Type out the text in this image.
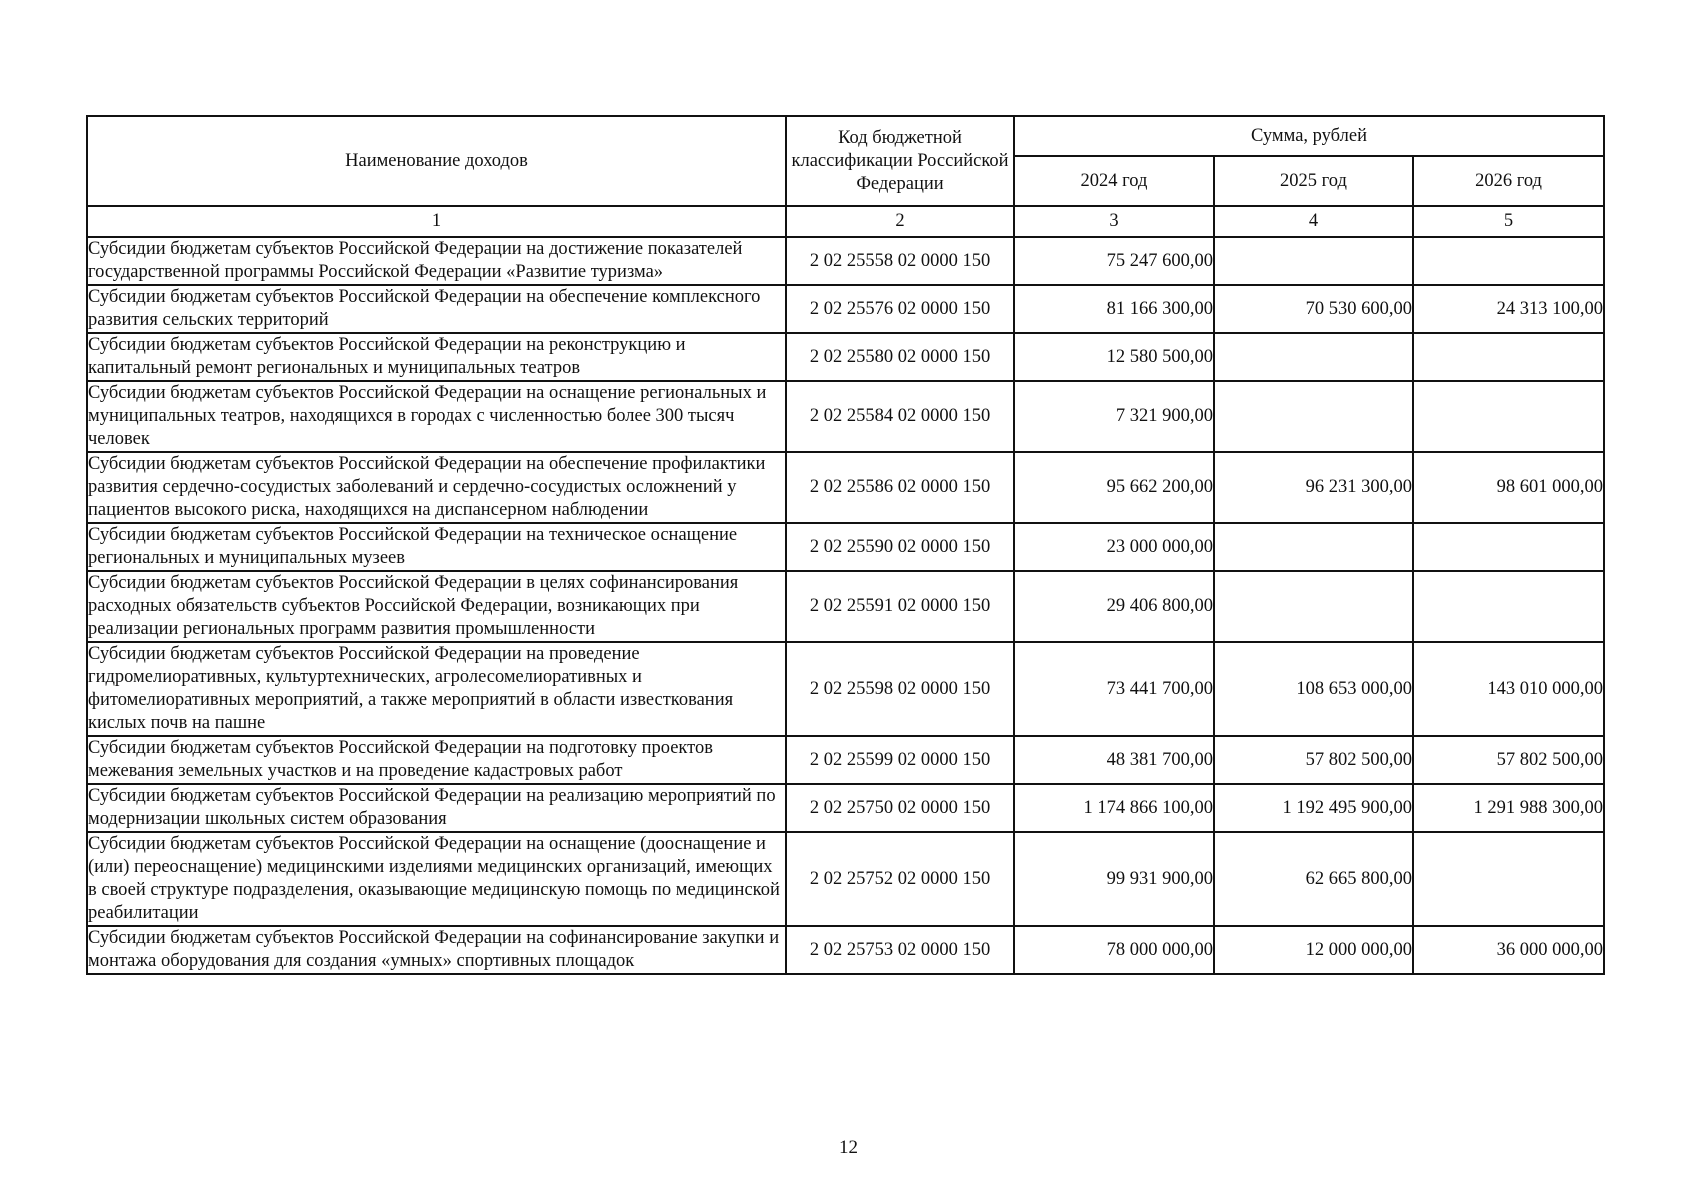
Наименование доходов	Код бюджетной классификации Российской Федерации	Сумма, рублей		
		2024 год	2025 год	2026 год
1	2	3	4	5
Субсидии бюджетам субъектов Российской Федерации на достижение показателей государственной программы Российской Федерации «Развитие туризма»	2 02 25558 02 0000 150	75 247 600,00		
Субсидии бюджетам субъектов Российской Федерации на обеспечение комплексного развития сельских территорий	2 02 25576 02 0000 150	81 166 300,00	70 530 600,00	24 313 100,00
Субсидии бюджетам субъектов Российской Федерации на реконструкцию и капитальный ремонт региональных и муниципальных театров	2 02 25580 02 0000 150	12 580 500,00		
Субсидии бюджетам субъектов Российской Федерации на оснащение региональных и муниципальных театров, находящихся в городах с численностью более 300 тысяч человек	2 02 25584 02 0000 150	7 321 900,00		
Субсидии бюджетам субъектов Российской Федерации на обеспечение профилактики развития сердечно-сосудистых заболеваний и сердечно-сосудистых осложнений у пациентов высокого риска, находящихся на диспансерном наблюдении	2 02 25586 02 0000 150	95 662 200,00	96 231 300,00	98 601 000,00
Субсидии бюджетам субъектов Российской Федерации на техническое оснащение региональных и муниципальных музеев	2 02 25590 02 0000 150	23 000 000,00		
Субсидии бюджетам субъектов Российской Федерации в целях софинансирования расходных обязательств субъектов Российской Федерации, возникающих при реализации региональных программ развития промышленности	2 02 25591 02 0000 150	29 406 800,00		
Субсидии бюджетам субъектов Российской Федерации на проведение гидромелиоративных, культуртехнических, агролесомелиоративных и фитомелиоративных мероприятий, а также мероприятий в области известкования кислых почв на пашне	2 02 25598 02 0000 150	73 441 700,00	108 653 000,00	143 010 000,00
Субсидии бюджетам субъектов Российской Федерации на подготовку проектов межевания земельных участков и на проведение кадастровых работ	2 02 25599 02 0000 150	48 381 700,00	57 802 500,00	57 802 500,00
Субсидии бюджетам субъектов Российской Федерации на реализацию мероприятий по модернизации школьных систем образования	2 02 25750 02 0000 150	1 174 866 100,00	1 192 495 900,00	1 291 988 300,00
Субсидии бюджетам субъектов Российской Федерации на оснащение (дооснащение и (или) переоснащение) медицинскими изделиями медицинских организаций, имеющих в своей структуре подразделения, оказывающие медицинскую помощь по медицинской реабилитации	2 02 25752 02 0000 150	99 931 900,00	62 665 800,00	
Субсидии бюджетам субъектов Российской Федерации на софинансирование закупки и монтажа оборудования для создания «умных» спортивных площадок	2 02 25753 02 0000 150	78 000 000,00	12 000 000,00	36 000 000,00
12
